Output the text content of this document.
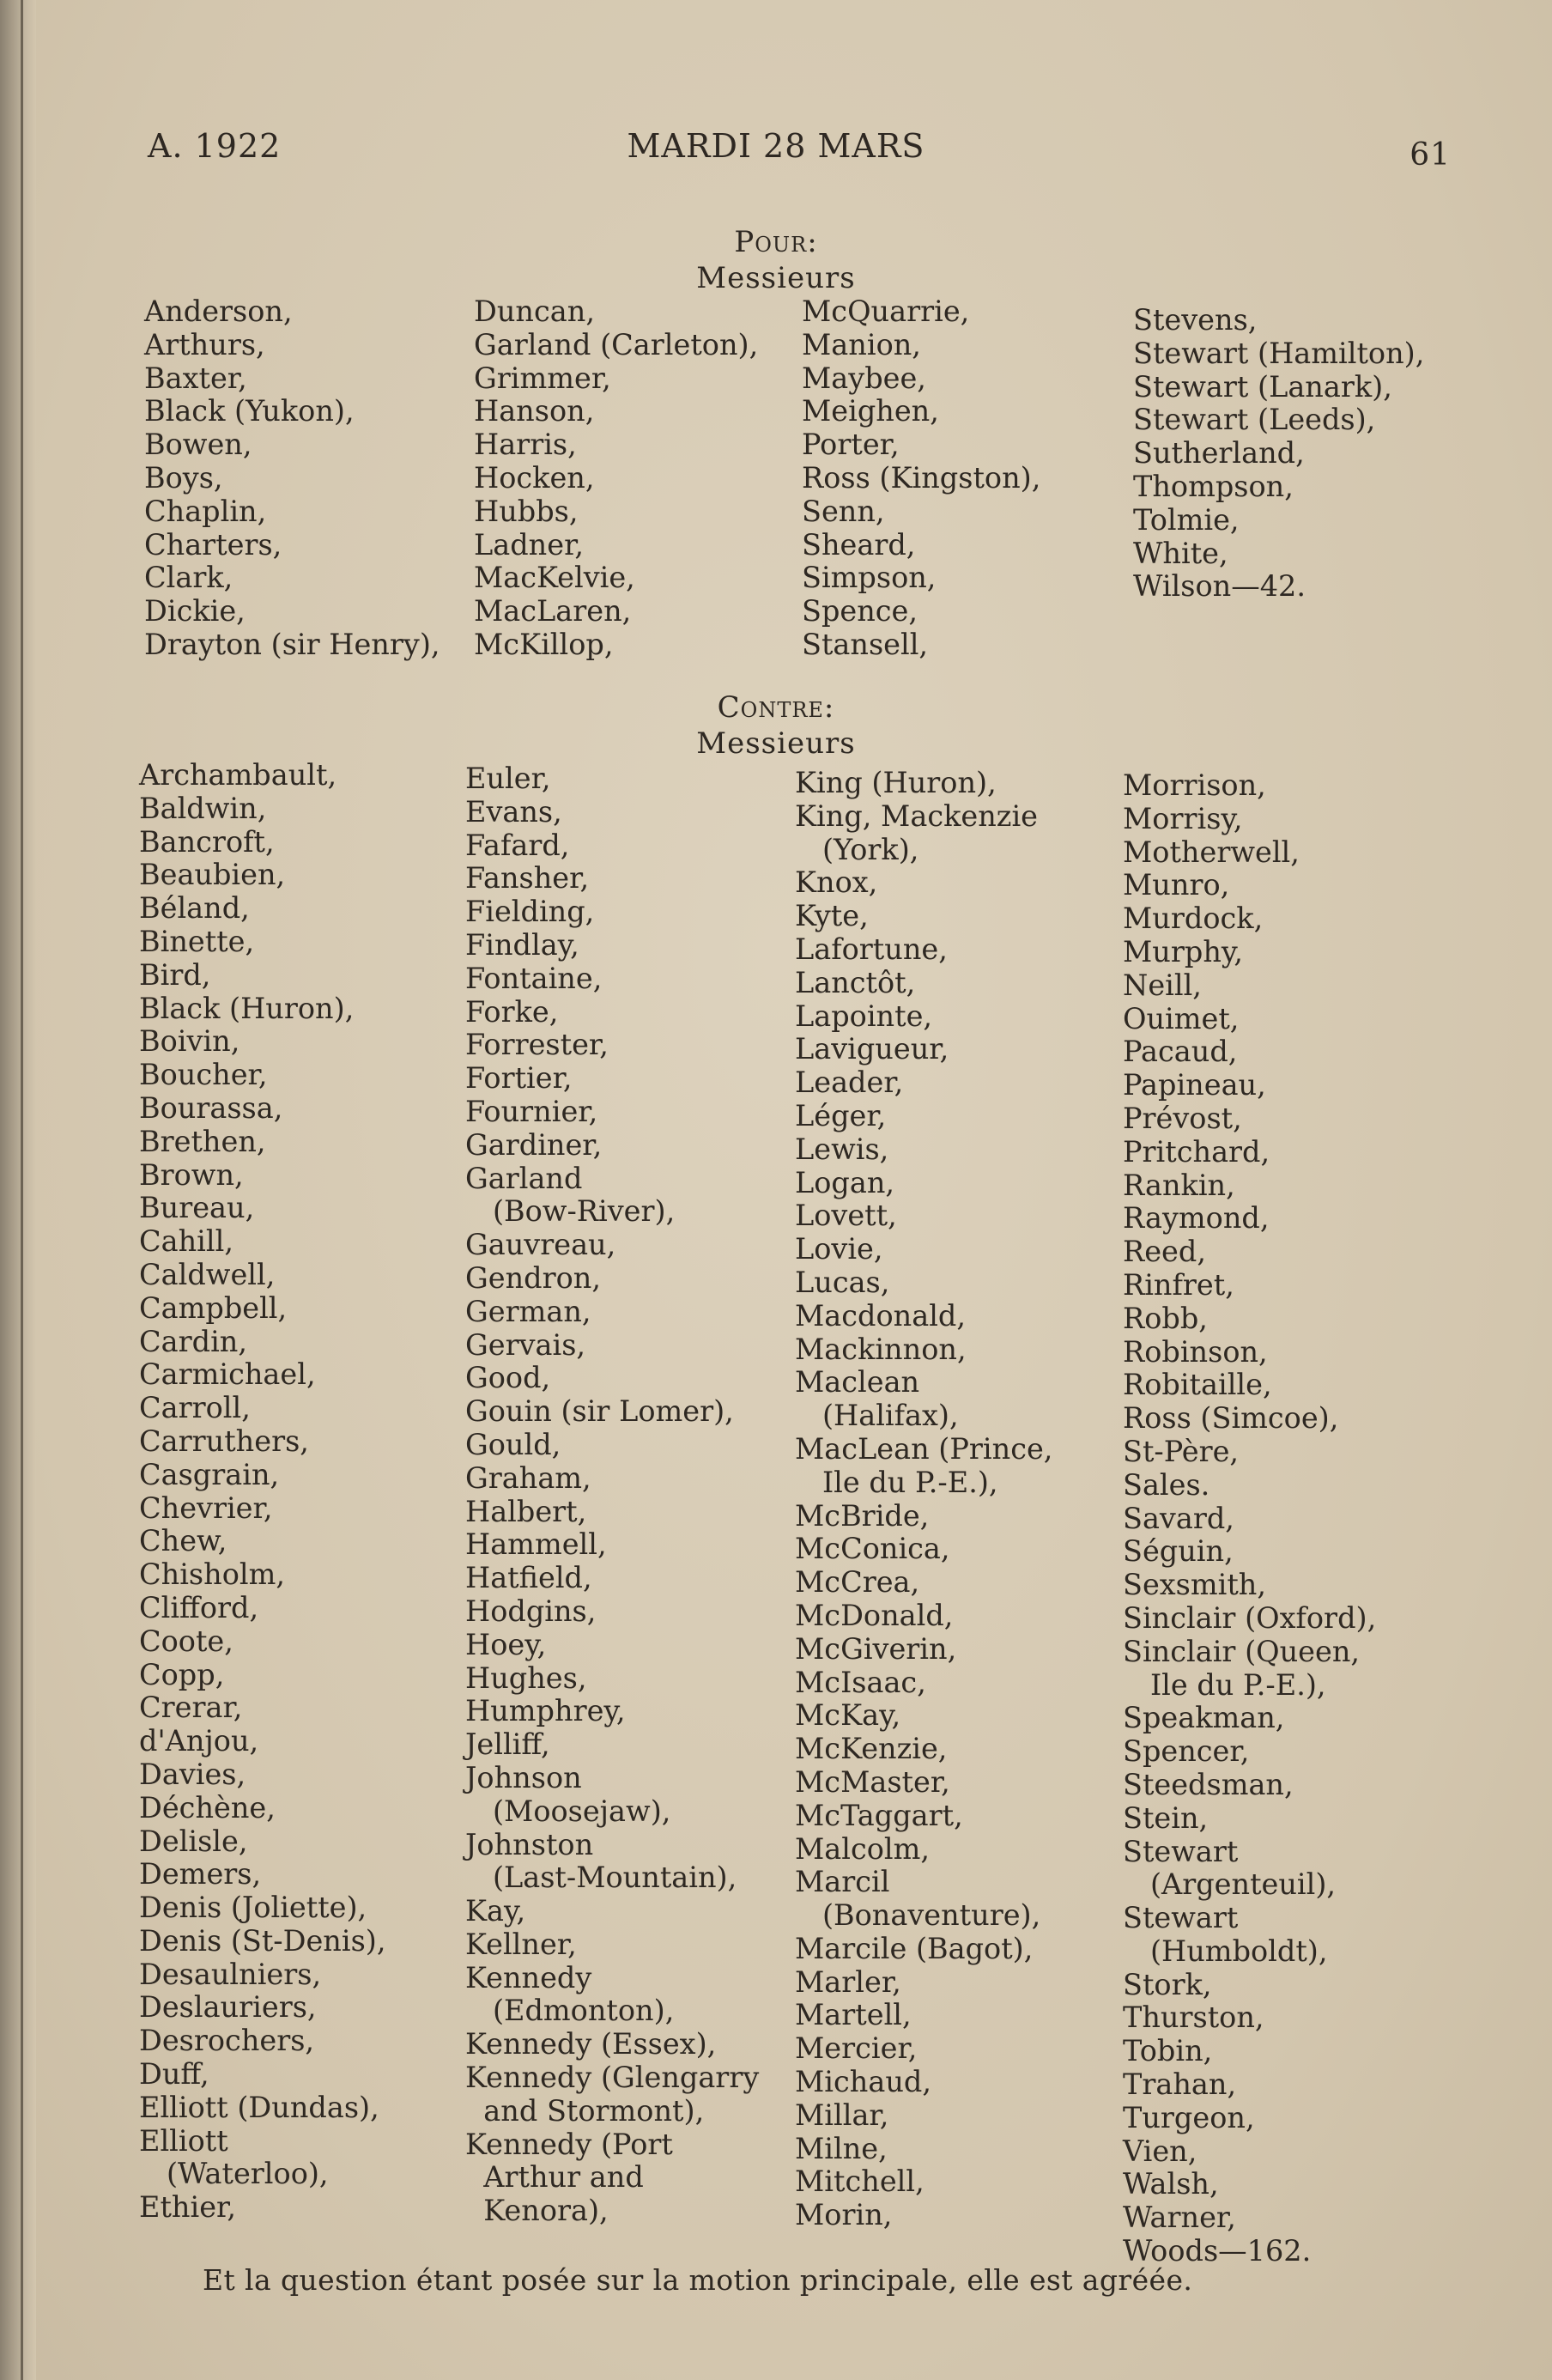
A. 1922	MARDI 28 MARS	61
Pour:
Messieurs
Anderson,
Arthurs,
Baxter,
Black (Yukon),
Bowen,
Boys,
Chaplin,
Charters,
Clark,
Dickie,
Drayton (sir Henry),
Duncan,
Garland (Carleton),
Grimmer,
Hanson,
Harris,
Hocken,
Hubbs,
Ladner,
MacKelvie,
MacLaren,
McKillop,
McQuarrie,
Manion,
Maybee,
Meighen,
Porter,
Ross (Kingston),
Senn,
Sheard,
Simpson,
Spence,
Stansell,
Stevens,
Stewart (Hamilton),
Stewart (Lanark),
Stewart (Leeds),
Sutherland,
Thompson,
Tolmie,
White,
Wilson—42.
Contre:
Messieurs
Archambault,
Baldwin,
Bancroft,
Beaubien,
Béland,
Binette,
Bird,
Black (Huron),
Boivin,
Boucher,
Bourassa,
Brethen,
Brown,
Bureau,
Cahill,
Caldwell,
Campbell,
Cardin,
Carmichael,
Carroll,
Carruthers,
Casgrain,
Chevrier,
Chew,
Chisholm,
Clifford,
Coote,
Copp,
Crerar,
d'Anjou,
Davies,
Déchène,
Delisle,
Demers,
Denis (Joliette),
Denis (St-Denis),
Desaulniers,
Deslauriers,
Desrochers,
Duff,
Elliott (Dundas),
Elliott
(Waterloo),
Ethier,
Euler,
Evans,
Fafard,
Fansher,
Fielding,
Findlay,
Fontaine,
Forke,
Forrester,
Fortier,
Fournier,
Gardiner,
Garland
(Bow-River),
Gauvreau,
Gendron,
German,
Gervais,
Good,
Gouin (sir Lomer),
Gould,
Graham,
Halbert,
Hammell,
Hatfield,
Hodgins,
Hoey,
Hughes,
Humphrey,
Jelliff,
Johnson
(Moosejaw),
Johnston
(Last-Mountain),
Kay,
Kellner,
Kennedy
(Edmonton),
Kennedy (Essex),
Kennedy (Glengarry
and Stormont),
Kennedy (Port
Arthur and
Kenora),
King (Huron),
King, Mackenzie
(York),
Knox,
Kyte,
Lafortune,
Lanctôt,
Lapointe,
Lavigueur,
Leader,
Léger,
Lewis,
Logan,
Lovett,
Lovie,
Lucas,
Macdonald,
Mackinnon,
Maclean
(Halifax),
MacLean (Prince,
Ile du P.-E.),
McBride,
McConica,
McCrea,
McDonald,
McGiverin,
McIsaac,
McKay,
McKenzie,
McMaster,
McTaggart,
Malcolm,
Marcil
(Bonaventure),
Marcile (Bagot),
Marler,
Martell,
Mercier,
Michaud,
Millar,
Milne,
Mitchell,
Morin,
Morrison,
Morrisy,
Motherwell,
Munro,
Murdock,
Murphy,
Neill,
Ouimet,
Pacaud,
Papineau,
Prévost,
Pritchard,
Rankin,
Raymond,
Reed,
Rinfret,
Robb,
Robinson,
Robitaille,
Ross (Simcoe),
St-Père,
Sales.
Savard,
Séguin,
Sexsmith,
Sinclair (Oxford),
Sinclair (Queen,
Ile du P.-E.),
Speakman,
Spencer,
Steedsman,
Stein,
Stewart
(Argenteuil),
Stewart
(Humboldt),
Stork,
Thurston,
Tobin,
Trahan,
Turgeon,
Vien,
Walsh,
Warner,
Woods—162.
Et la question étant posée sur la motion principale, elle est agréée.
